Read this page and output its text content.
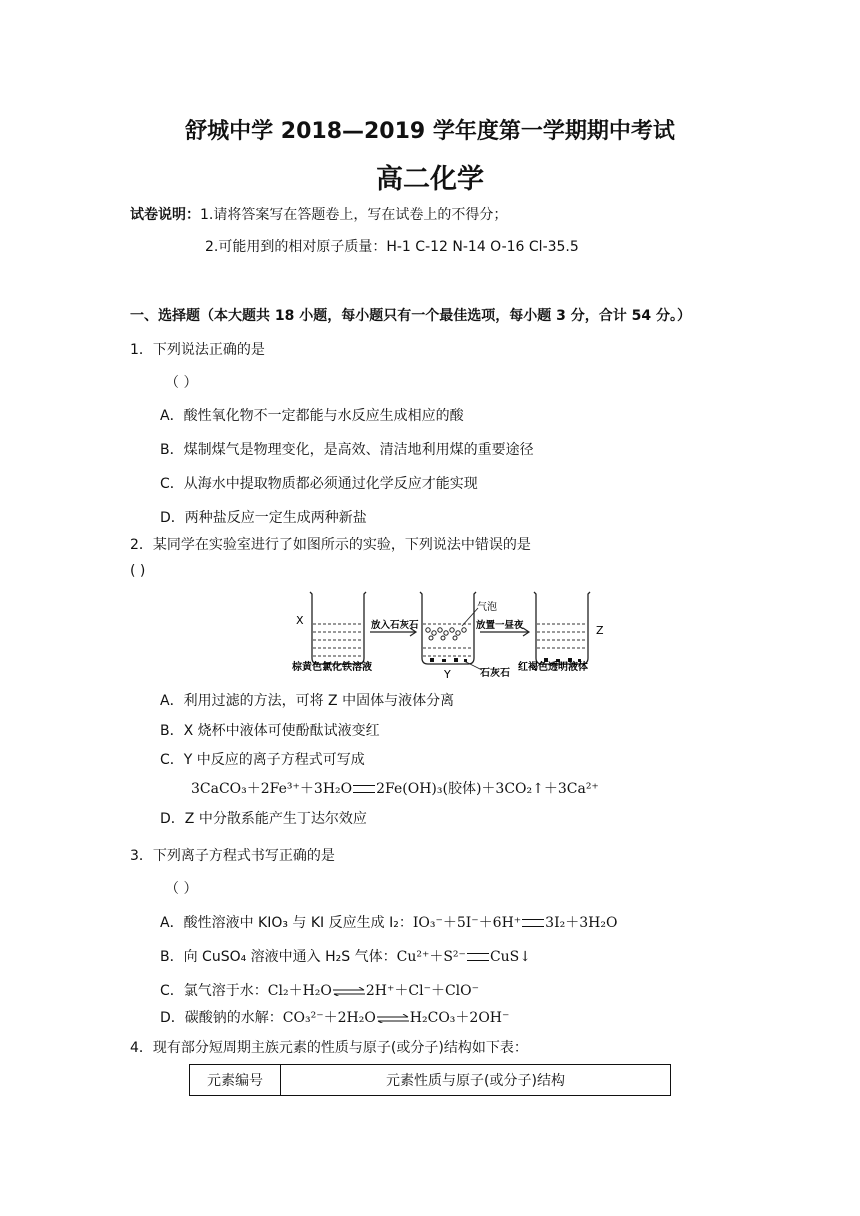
舒城中学 2018—2019 学年度第一学期期中考试
高二化学
试卷说明：1.请将答案写在答题卷上，写在试卷上的不得分；
2.可能用到的相对原子质量：H-1 C-12 N-14 O-16 Cl-35.5
一、选择题（本大题共 18 小题，每小题只有一个最佳选项，每小题 3 分，合计 54 分。）
1．下列说法正确的是
（ ）
A．酸性氧化物不一定都能与水反应生成相应的酸
B．煤制煤气是物理变化，是高效、清洁地利用煤的重要途径
C．从海水中提取物质都必须通过化学反应才能实现
D．两种盐反应一定生成两种新盐
2．某同学在实验室进行了如图所示的实验，下列说法中错误的是
( )
X	放入石灰石
气泡
Y	石灰石
放置一昼夜	Z
棕黄色氯化铁溶液	红褐色透明液体
A．利用过滤的方法，可将 Z 中固体与液体分离
B．X 烧杯中液体可使酚酞试液变红
C．Y 中反应的离子方程式可写成
3CaCO₃＋2Fe³⁺＋3H₂O 2Fe(OH)₃(胶体)＋3CO₂↑＋3Ca²⁺
D．Z 中分散系能产生丁达尔效应
3．下列离子方程式书写正确的是
（ ）
A．酸性溶液中 KIO₃ 与 KI 反应生成 I₂：IO₃⁻＋5I⁻＋6H⁺ 3I₂＋3H₂O
B．向 CuSO₄ 溶液中通入 H₂S 气体：Cu²⁺＋S²⁻ CuS↓
C．氯气溶于水：Cl₂＋H₂O⇌2H⁺＋Cl⁻＋ClO⁻
D．碳酸钠的水解：CO₃²⁻＋2H₂O⇌H₂CO₃＋2OH⁻
4．现有部分短周期主族元素的性质与原子(或分子)结构如下表：
元素编号	元素性质与原子(或分子)结构
